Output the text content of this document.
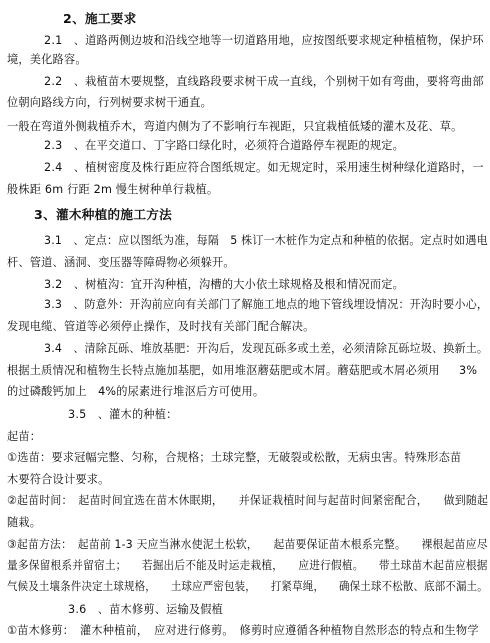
2、施工要求
2.1　、道路两侧边坡和沿线空地等一切道路用地，应按图纸要求规定种植植物，保护环
境，美化路容。
2.2　、栽植苗木要规整，直线路段要求树干成一直线，个别树干如有弯曲，要将弯曲部
位朝向路线方向，行列树要求树干通直。
一般在弯道外侧栽植乔木，弯道内侧为了不影响行车视距，只宜栽植低矮的灌木及花、草。
2.3　、在平交道口、丁字路口绿化时，必须符合道路停车视距的规定。
2.4　、植树密度及株行距应符合图纸规定。如无规定时，采用速生树种绿化道路时，一
般株距 6m 行距 2m 慢生树种单行栽植。
3、灌木种植的施工方法
3.1　、定点：应以图纸为准，每隔　5 株订一木桩作为定点和种植的依据。定点时如遇电
杆、管道、涵洞、变压器等障碍物必须躲开。
3.2　、树植沟：宜开沟种植，沟槽的大小依土球规格及根和情况而定。
3.3　、防意外：开沟前应向有关部门了解施工地点的地下管线埋设情况：开沟时要小心，
发现电缆、管道等必须停止操作，及时找有关部门配合解决。
3.4　、清除瓦砾、堆放基肥：开沟后，发现瓦砾多或土差，必须清除瓦砾垃圾、换新土。
根据土质情况和植物生长特点施加基肥，如用堆沤蘑菇肥或木屑。蘑菇肥或木屑必须用 3%
的过磷酸钙加上　4%的尿素进行堆沤后方可使用。
3.5　、灌木的种植：
起苗：
①选苗：要求冠幅完整、匀称，合规格；土球完整，无破裂或松散，无病虫害。特殊形态苗
木要符合设计要求。
②起苗时间：　起苗时间宜选在苗木休眠期， 并保证栽植时间与起苗时间紧密配合， 做到随起
随栽。
③起苗方法：　起苗前 1-3 天应当淋水使泥土松软， 起苗要保证苗木根系完整。 裸根起苗应尽
量多保留根系并留宿土； 若掘出后不能及时运走栽植， 应进行假植。 带土球苗木起苗应根据
气候及土壤条件决定土球规格， 土球应严密包装， 打紧草绳， 确保土球不松散、底部不漏土。
3.6　、苗木修剪、运输及假植
①苗木修剪：　灌木种植前，　应对进行修剪。　修剪时应遵循各种植物自然形态的特点和生物学
